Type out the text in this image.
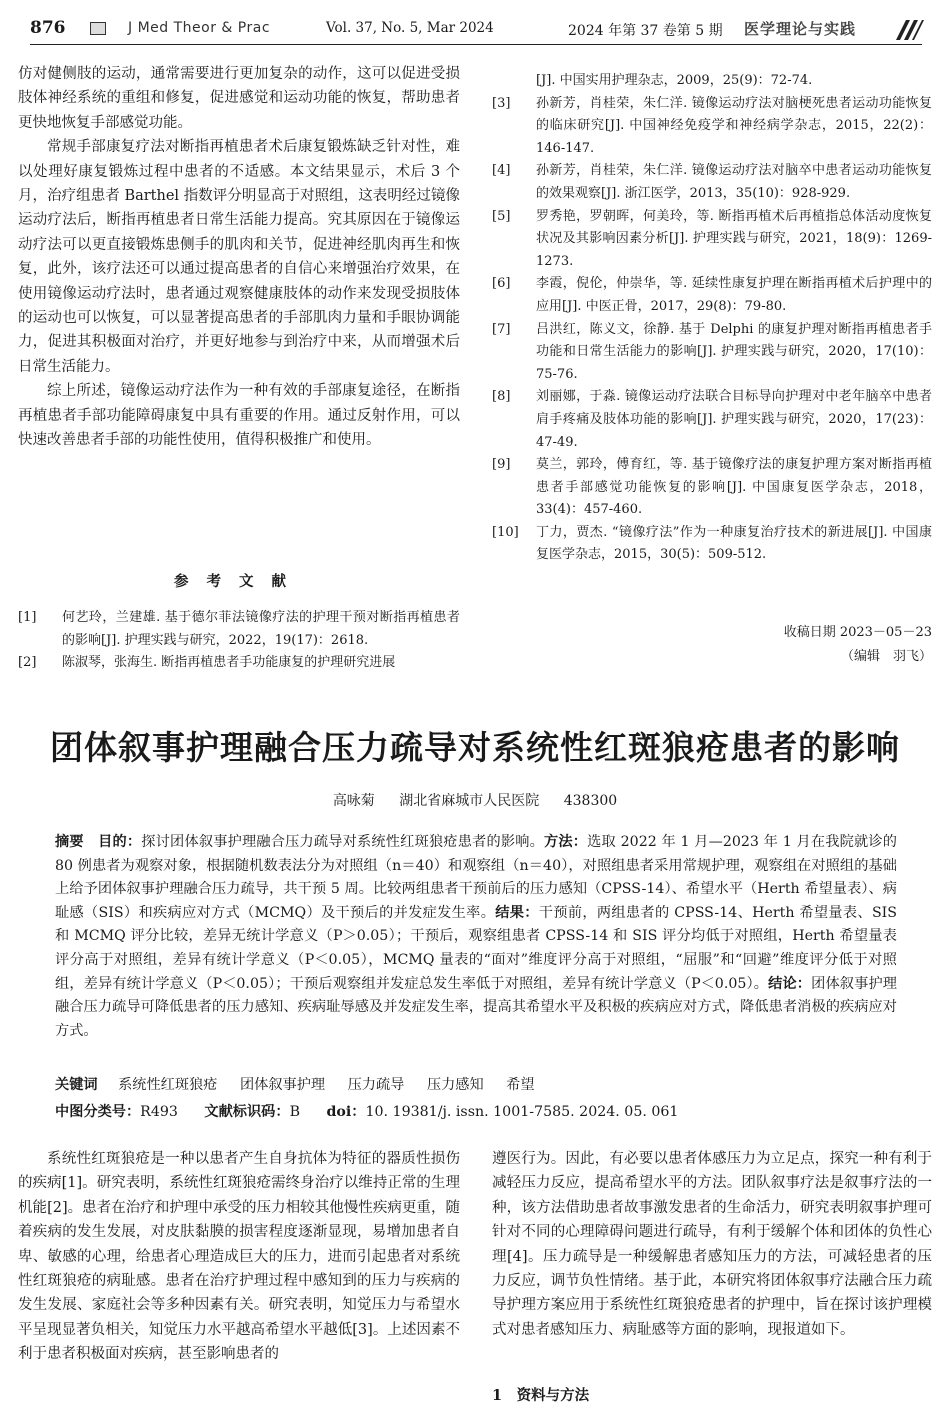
876	J Med Theor & Prac	Vol. 37, No. 5, Mar 2024	2024 年第 37 卷第 5 期 医学理论与实践

仿对健侧肢的运动，通常需要进行更加复杂的动作，这可以促进受损肢体神经系统的重组和修复，促进感觉和运动功能的恢复，帮助患者更快地恢复手部感觉功能。

常规手部康复疗法对断指再植患者术后康复锻炼缺乏针对性，难以处理好康复锻炼过程中患者的不适感。本文结果显示，术后 3 个月，治疗组患者 Barthel 指数评分明显高于对照组，这表明经过镜像运动疗法后，断指再植患者日常生活能力提高。究其原因在于镜像运动疗法可以更直接锻炼患侧手的肌肉和关节，促进神经肌肉再生和恢复，此外，该疗法还可以通过提高患者的自信心来增强治疗效果，在使用镜像运动疗法时，患者通过观察健康肢体的动作来发现受损肢体的运动也可以恢复，可以显著提高患者的手部肌肉力量和手眼协调能力，促进其积极面对治疗，并更好地参与到治疗中来，从而增强术后日常生活能力。

综上所述，镜像运动疗法作为一种有效的手部康复途径，在断指再植患者手部功能障碍康复中具有重要的作用。通过反射作用，可以快速改善患者手部的功能性使用，值得积极推广和使用。

参考文献
[1] 何艺玲，兰建雄. 基于德尔菲法镜像疗法的护理干预对断指再植患者的影响[J]. 护理实践与研究，2022，19(17)：2618.
[2] 陈淑琴，张海生. 断指再植患者手功能康复的护理研究进展
[J]. 中国实用护理杂志，2009，25(9)：72-74.
[3] 孙新芳，肖桂荣，朱仁洋. 镜像运动疗法对脑梗死患者运动功能恢复的临床研究[J]. 中国神经免疫学和神经病学杂志，2015，22(2)：146-147.
[4] 孙新芳，肖桂荣，朱仁洋. 镜像运动疗法对脑卒中患者运动功能恢复的效果观察[J]. 浙江医学，2013，35(10)：928-929.
[5] 罗秀艳，罗朝晖，何美玲，等. 断指再植术后再植指总体活动度恢复状况及其影响因素分析[J]. 护理实践与研究，2021，18(9)：1269-1273.
[6] 李霞，倪伦，仲崇华，等. 延续性康复护理在断指再植术后护理中的应用[J]. 中医正骨，2017，29(8)：79-80.
[7] 吕洪红，陈义文，徐静. 基于 Delphi 的康复护理对断指再植患者手功能和日常生活能力的影响[J]. 护理实践与研究，2020，17(10)：75-76.
[8] 刘丽娜，于淼. 镜像运动疗法联合目标导向护理对中老年脑卒中患者肩手疼痛及肢体功能的影响[J]. 护理实践与研究，2020，17(23)：47-49.
[9] 莫兰，郭玲，傅育红，等. 基于镜像疗法的康复护理方案对断指再植患者手部感觉功能恢复的影响[J]. 中国康复医学杂志，2018，33(4)：457-460.
[10] 丁力，贾杰. “镜像疗法”作为一种康复治疗技术的新进展[J]. 中国康复医学杂志，2015，30(5)：509-512.
收稿日期 2023－05－23
（编辑　羽飞）
团体叙事护理融合压力疏导对系统性红斑狼疮患者的影响
高咏菊 湖北省麻城市人民医院 438300
摘要  目的：探讨团体叙事护理融合压力疏导对系统性红斑狼疮患者的影响。方法：选取 2022 年 1 月—2023 年 1 月在我院就诊的 80 例患者为观察对象，根据随机数表法分为对照组（n＝40）和观察组（n＝40），对照组患者采用常规护理，观察组在对照组的基础上给予团体叙事护理融合压力疏导，共干预 5 周。比较两组患者干预前后的压力感知（CPSS-14）、希望水平（Herth 希望量表）、病耻感（SIS）和疾病应对方式（MCMQ）及干预后的并发症发生率。结果：干预前，两组患者的 CPSS-14、Herth 希望量表、SIS 和 MCMQ 评分比较，差异无统计学意义（P＞0.05）；干预后，观察组患者 CPSS-14 和 SIS 评分均低于对照组，Herth 希望量表评分高于对照组，差异有统计学意义（P＜0.05），MCMQ 量表的“面对”维度评分高于对照组，“屈服”和“回避”维度评分低于对照组，差异有统计学意义（P＜0.05）；干预后观察组并发症总发生率低于对照组，差异有统计学意义（P＜0.05）。结论：团体叙事护理融合压力疏导可降低患者的压力感知、疾病耻辱感及并发症发生率，提高其希望水平及积极的疾病应对方式，降低患者消极的疾病应对方式。
关键词 系统性红斑狼疮 团体叙事护理 压力疏导 压力感知 希望
中图分类号：R493 文献标识码：B doi：10. 19381/j. issn. 1001-7585. 2024. 05. 061

系统性红斑狼疮是一种以患者产生自身抗体为特征的器质性损伤的疾病[1]。研究表明，系统性红斑狼疮需终身治疗以维持正常的生理机能[2]。患者在治疗和护理中承受的压力相较其他慢性疾病更重，随着疾病的发生发展，对皮肤黏膜的损害程度逐渐显现，易增加患者自卑、敏感的心理，给患者心理造成巨大的压力，进而引起患者对系统性红斑狼疮的病耻感。患者在治疗护理过程中感知到的压力与疾病的发生发展、家庭社会等多种因素有关。研究表明，知觉压力与希望水平呈现显著负相关，知觉压力水平越高希望水平越低[3]。上述因素不利于患者积极面对疾病，甚至影响患者的

遵医行为。因此，有必要以患者体感压力为立足点，探究一种有利于减轻压力反应，提高希望水平的方法。团队叙事疗法是叙事疗法的一种，该方法借助患者故事激发患者的生命活力，研究表明叙事护理可针对不同的心理障碍问题进行疏导，有利于缓解个体和团体的负性心理[4]。压力疏导是一种缓解患者感知压力的方法，可减轻患者的压力反应，调节负性情绪。基于此，本研究将团体叙事疗法融合压力疏导护理方案应用于系统性红斑狼疮患者的护理中，旨在探讨该护理模式对患者感知压力、病耻感等方面的影响，现报道如下。

1　资料与方法
